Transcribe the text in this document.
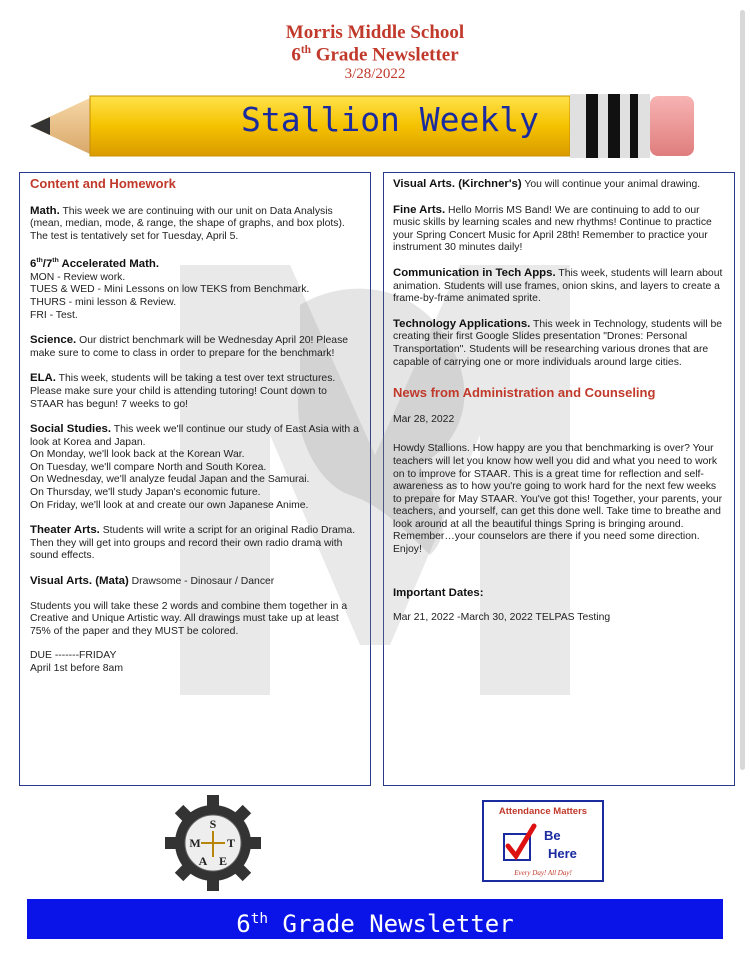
Morris Middle School
6th Grade Newsletter
3/28/2022
Stallion Weekly
Content and Homework

Math. This week we are continuing with our unit on Data Analysis (mean, median, mode, & range, the shape of graphs, and box plots). The test is tentatively set for Tuesday, April 5.

6th/7th Accelerated Math.
MON - Review work.
TUES & WED - Mini Lessons on low TEKS from Benchmark.
THURS - mini lesson & Review.
FRI - Test.

Science. Our district benchmark will be Wednesday April 20! Please make sure to come to class in order to prepare for the benchmark!

ELA. This week, students will be taking a test over text structures. Please make sure your child is attending tutoring! Count down to STAAR has begun! 7 weeks to go!

Social Studies. This week we'll continue our study of East Asia with a look at Korea and Japan.
On Monday, we'll look back at the Korean War.
On Tuesday, we'll compare North and South Korea.
On Wednesday, we'll analyze feudal Japan and the Samurai.
On Thursday, we'll study Japan's economic future.
On Friday, we'll look at and create our own Japanese Anime.

Theater Arts. Students will write a script for an original Radio Drama. Then they will get into groups and record their own radio drama with sound effects.

Visual Arts. (Mata) Drawsome - Dinosaur / Dancer

Students you will take these 2 words and combine them together in a Creative and Unique Artistic way. All drawings must take up at least 75% of the paper and they MUST be colored.

DUE -------FRIDAY
April 1st before 8am

Visual Arts. (Kirchner's) You will continue your animal drawing.

Fine Arts. Hello Morris MS Band! We are continuing to add to our music skills by learning scales and new rhythms! Continue to practice your Spring Concert Music for April 28th! Remember to practice your instrument 30 minutes daily!

Communication in Tech Apps. This week, students will learn about animation. Students will use frames, onion skins, and layers to create a frame-by-frame animated sprite.

Technology Applications. This week in Technology, students will be creating their first Google Slides presentation "Drones: Personal Transportation". Students will be researching various drones that are capable of carrying one or more individuals around large cities.

News from Administration and Counseling

Mar 28, 2022

Howdy Stallions. How happy are you that benchmarking is over? Your teachers will let you know how well you did and what you need to work on to improve for STAAR. This is a great time for reflection and self-awareness as to how you're going to work hard for the next few weeks to prepare for May STAAR. You've got this! Together, your parents, your teachers, and yourself, can get this done well. Take time to breathe and look around at all the beautiful things Spring is bringing around. Remember…your counselors are there if you need some direction. Enjoy!

Important Dates:

Mar 21, 2022 -March 30, 2022 TELPAS Testing

S
M T
A E
Attendance Matters
Be
Here
Every Day! All Day!
6th Grade Newsletter
